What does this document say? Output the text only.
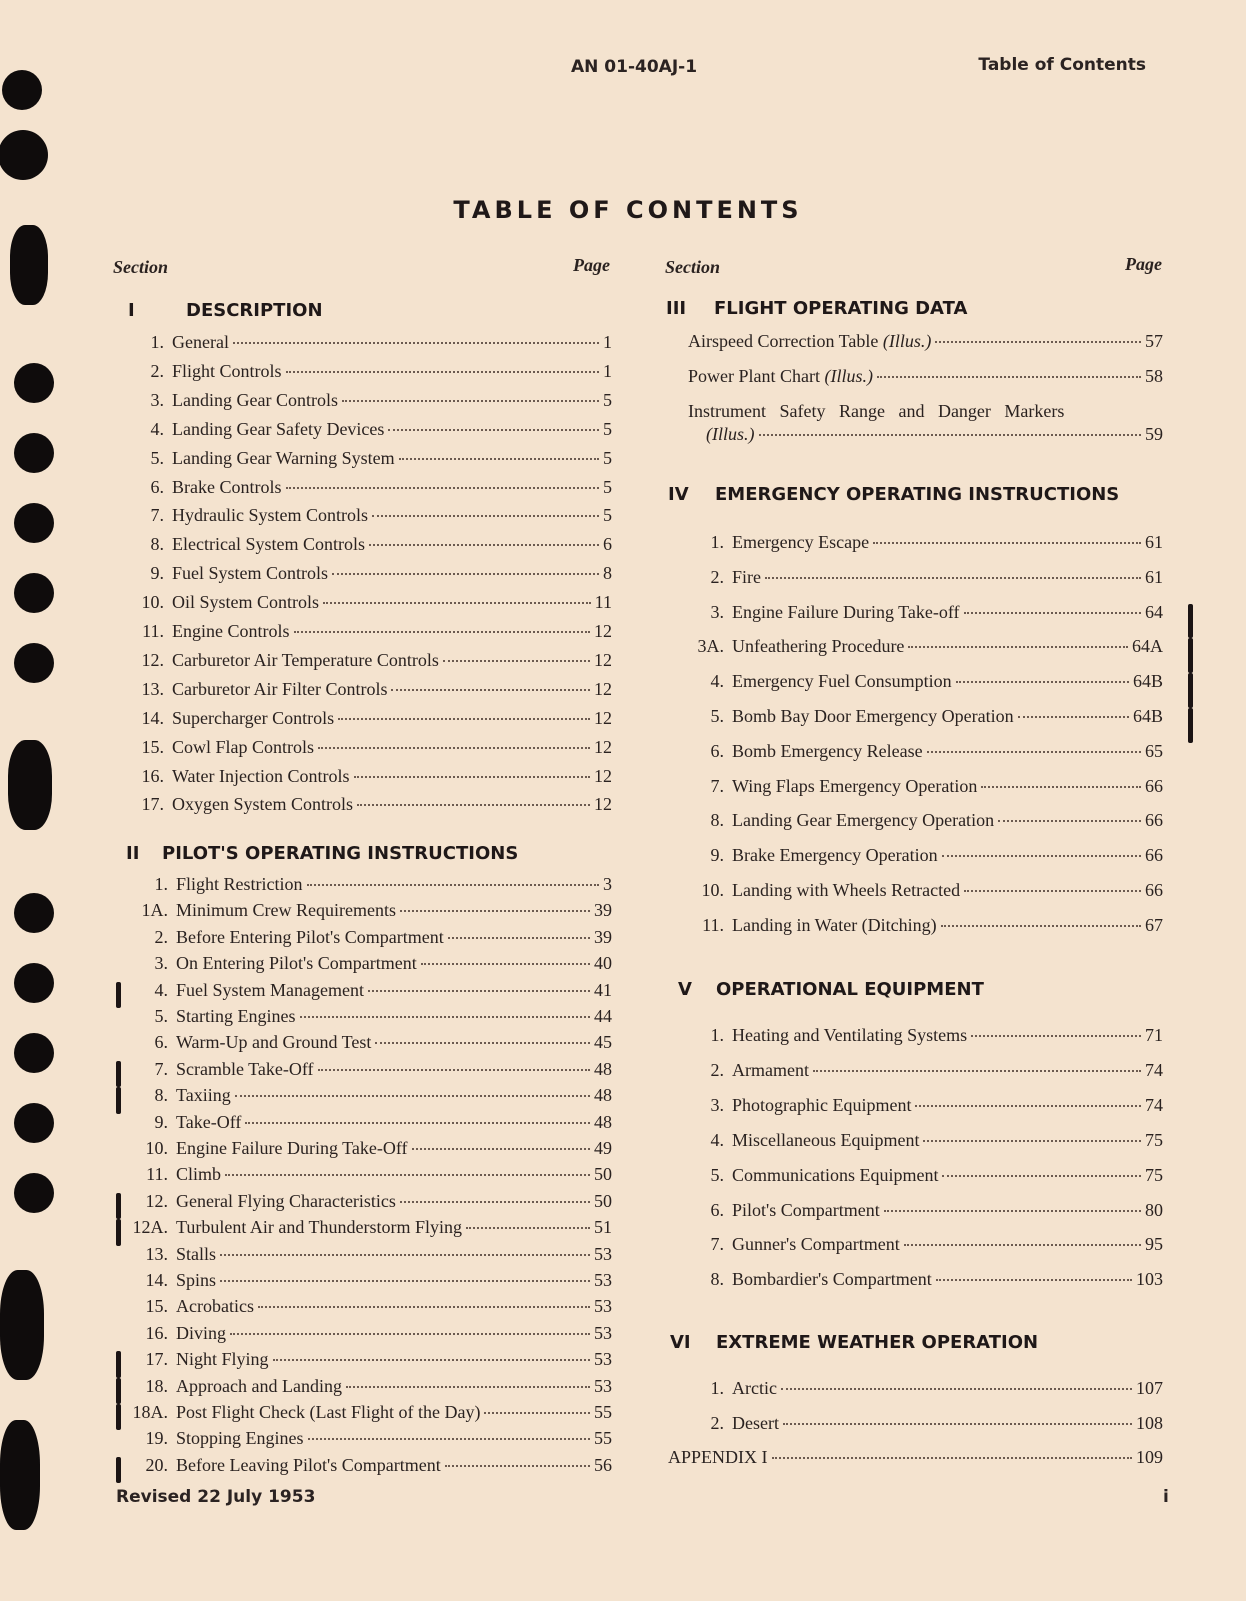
AN 01-40AJ-1	Table of Contents
TABLE OF CONTENTS
Section	Page	Section	Page
I	DESCRIPTION
1. General	1
2. Flight Controls	1
3. Landing Gear Controls	5
4. Landing Gear Safety Devices	5
5. Landing Gear Warning System	5
6. Brake Controls	5
7. Hydraulic System Controls	5
8. Electrical System Controls	6
9. Fuel System Controls	8
10. Oil System Controls	11
11. Engine Controls	12
12. Carburetor Air Temperature Controls	12
13. Carburetor Air Filter Controls	12
14. Supercharger Controls	12
15. Cowl Flap Controls	12
16. Water Injection Controls	12
17. Oxygen System Controls	12
II PILOT'S OPERATING INSTRUCTIONS
1. Flight Restriction	3
1A. Minimum Crew Requirements	39
2. Before Entering Pilot's Compartment	39
3. On Entering Pilot's Compartment	40
4. Fuel System Management	41
5. Starting Engines	44
6. Warm-Up and Ground Test	45
7. Scramble Take-Off	48
8. Taxiing	48
9. Take-Off	48
10. Engine Failure During Take-Off	49
11. Climb	50
12. General Flying Characteristics	50
12A. Turbulent Air and Thunderstorm Flying	51
13. Stalls	53
14. Spins	53
15. Acrobatics	53
16. Diving	53
17. Night Flying	53
18. Approach and Landing	53
18A. Post Flight Check (Last Flight of the Day)	55
19. Stopping Engines	55
20. Before Leaving Pilot's Compartment	56
III FLIGHT OPERATING DATA
Airspeed Correction Table (Illus.)	57
Power Plant Chart (Illus.)	58
Instrument Safety Range and Danger Markers
(Illus.)	59
IV EMERGENCY OPERATING INSTRUCTIONS
1. Emergency Escape	61
2. Fire	61
3. Engine Failure During Take-off	64
3A. Unfeathering Procedure	64A
4. Emergency Fuel Consumption	64B
5. Bomb Bay Door Emergency Operation	64B
6. Bomb Emergency Release	65
7. Wing Flaps Emergency Operation	66
8. Landing Gear Emergency Operation	66
9. Brake Emergency Operation	66
10. Landing with Wheels Retracted	66
11. Landing in Water (Ditching)	67
V OPERATIONAL EQUIPMENT
1. Heating and Ventilating Systems	71
2. Armament	74
3. Photographic Equipment	74
4. Miscellaneous Equipment	75
5. Communications Equipment	75
6. Pilot's Compartment	80
7. Gunner's Compartment	95
8. Bombardier's Compartment	103
VI EXTREME WEATHER OPERATION
1. Arctic	107
2. Desert	108
APPENDIX I	109
Revised 22 July 1953	i
